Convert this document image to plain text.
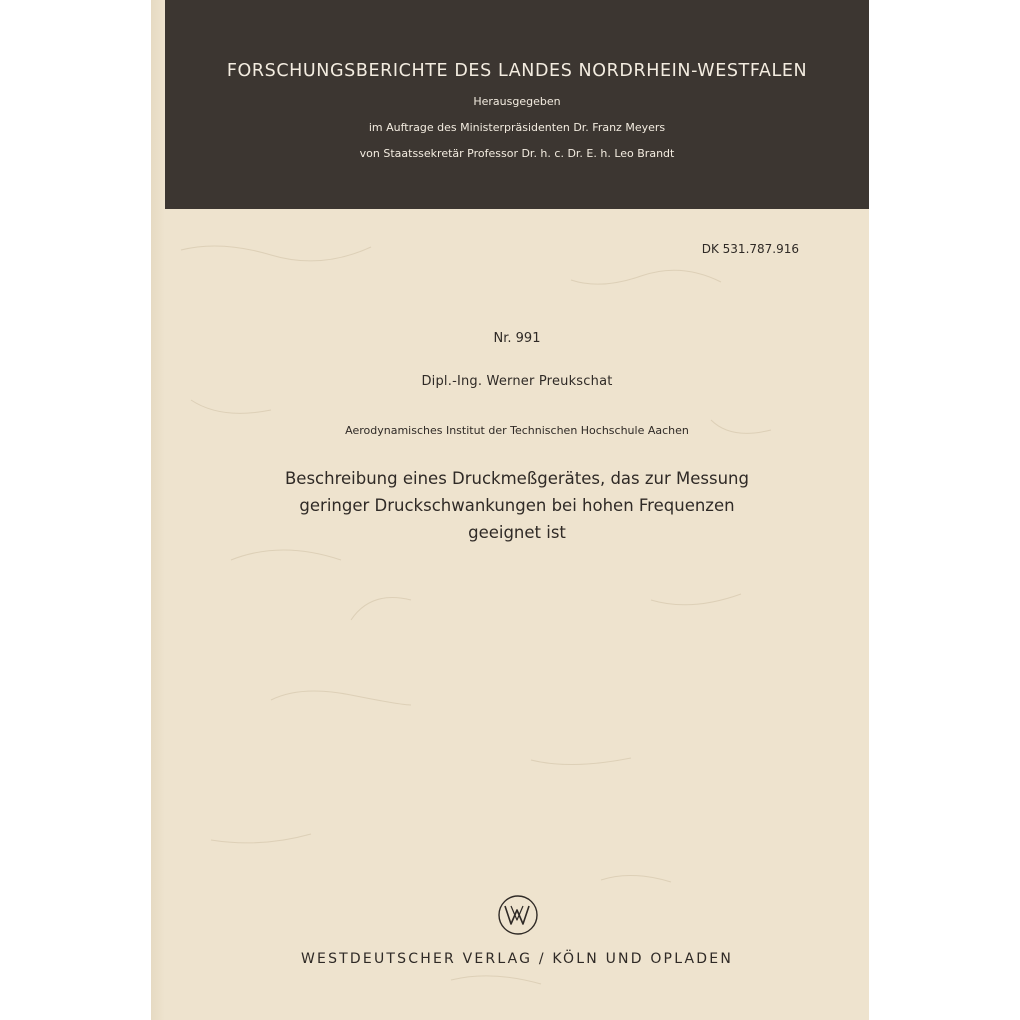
FORSCHUNGSBERICHTE DES LANDES NORDRHEIN-WESTFALEN
Herausgegeben
im Auftrage des Ministerpräsidenten Dr. Franz Meyers
von Staatssekretär Professor Dr. h. c. Dr. E. h. Leo Brandt
DK 531.787.916
Nr. 991
Dipl.-Ing. Werner Preukschat
Aerodynamisches Institut der Technischen Hochschule Aachen
Beschreibung eines Druckmeßgerätes, das zur Messung
geringer Druckschwankungen bei hohen Frequenzen
geeignet ist
WESTDEUTSCHER VERLAG / KÖLN UND OPLADEN
